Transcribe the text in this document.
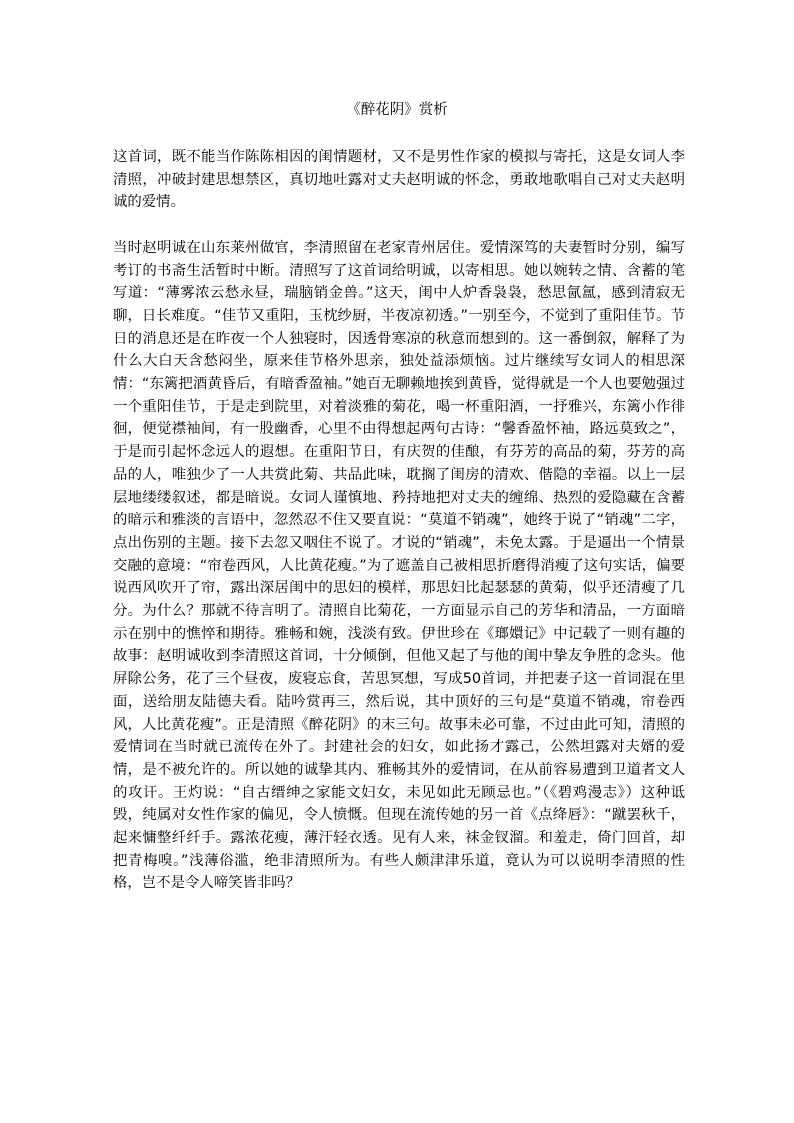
《醉花阴》赏析

这首词，既不能当作陈陈相因的闺情题材，又不是男性作家的模拟与寄托，这是女词人李清照，冲破封建思想禁区，真切地吐露对丈夫赵明诚的怀念，勇敢地歌唱自己对丈夫赵明诚的爱情。

当时赵明诚在山东莱州做官，李清照留在老家青州居住。爱情深笃的夫妻暂时分别，编写考订的书斋生活暂时中断。清照写了这首词给明诚，以寄相思。她以婉转之情、含蓄的笔写道：“薄雾浓云愁永昼，瑞脑销金兽。”这天，闺中人炉香袅袅，愁思氤氲，感到清寂无聊，日长难度。“佳节又重阳，玉枕纱厨，半夜凉初透。”一别至今，不觉到了重阳佳节。节日的消息还是在昨夜一个人独寝时，因透骨寒凉的秋意而想到的。这一番倒叙，解释了为什么大白天含愁闷坐，原来佳节格外思亲，独处益添烦恼。过片继续写女词人的相思深情：“东篱把酒黄昏后，有暗香盈袖。”她百无聊赖地挨到黄昏，觉得就是一个人也要勉强过一个重阳佳节，于是走到院里，对着淡雅的菊花，喝一杯重阳酒，一抒雅兴，东篱小作徘徊，便觉襟袖间，有一股幽香，心里不由得想起两句古诗：“馨香盈怀袖，路远莫致之”，于是而引起怀念远人的遐想。在重阳节日，有庆贺的佳酿，有芬芳的高品的菊，芬芳的高品的人，唯独少了一人共赏此菊、共品此味，耽搁了闺房的清欢、偕隐的幸福。以上一层层地缕缕叙述，都是暗说。女词人谨慎地、矜持地把对丈夫的缠绵、热烈的爱隐藏在含蓄的暗示和雅淡的言语中，忽然忍不住又要直说：“莫道不销魂”，她终于说了“销魂”二字，点出伤别的主题。接下去忽又咽住不说了。才说的“销魂”，未免太露。于是逼出一个情景交融的意境：“帘卷西风，人比黄花瘦。”为了遮盖自己被相思折磨得消瘦了这句实话，偏要说西风吹开了帘，露出深居闺中的思妇的模样，那思妇比起瑟瑟的黄菊，似乎还清瘦了几分。为什么？那就不待言明了。清照自比菊花，一方面显示自己的芳华和清品，一方面暗示在别中的憔悴和期待。雅畅和婉，浅淡有致。伊世珍在《瑯嬛记》中记载了一则有趣的故事：赵明诚收到李清照这首词，十分倾倒，但他又起了与他的闺中挚友争胜的念头。他屏除公务，花了三个昼夜，废寝忘食，苦思冥想，写成50首词，并把妻子这一首词混在里面，送给朋友陆德夫看。陆吟赏再三，然后说，其中顶好的三句是“莫道不销魂，帘卷西风，人比黄花瘦”。正是清照《醉花阴》的末三句。故事未必可靠，不过由此可知，清照的爱情词在当时就已流传在外了。封建社会的妇女，如此扬才露己，公然坦露对夫婿的爱情，是不被允许的。所以她的诚挚其内、雅畅其外的爱情词，在从前容易遭到卫道者文人的攻讦。王灼说：“自古缙绅之家能文妇女，未见如此无顾忌也。”（《碧鸡漫志》）这种诋毁，纯属对女性作家的偏见，令人愤慨。但现在流传她的另一首《点绛唇》：“蹴罢秋千，起来慵整纤纤手。露浓花瘦，薄汗轻衣透。见有人来，袜金钗溜。和羞走，倚门回首，却把青梅嗅。”浅薄俗滥，绝非清照所为。有些人颇津津乐道，竟认为可以说明李清照的性格，岂不是令人啼笑皆非吗？
